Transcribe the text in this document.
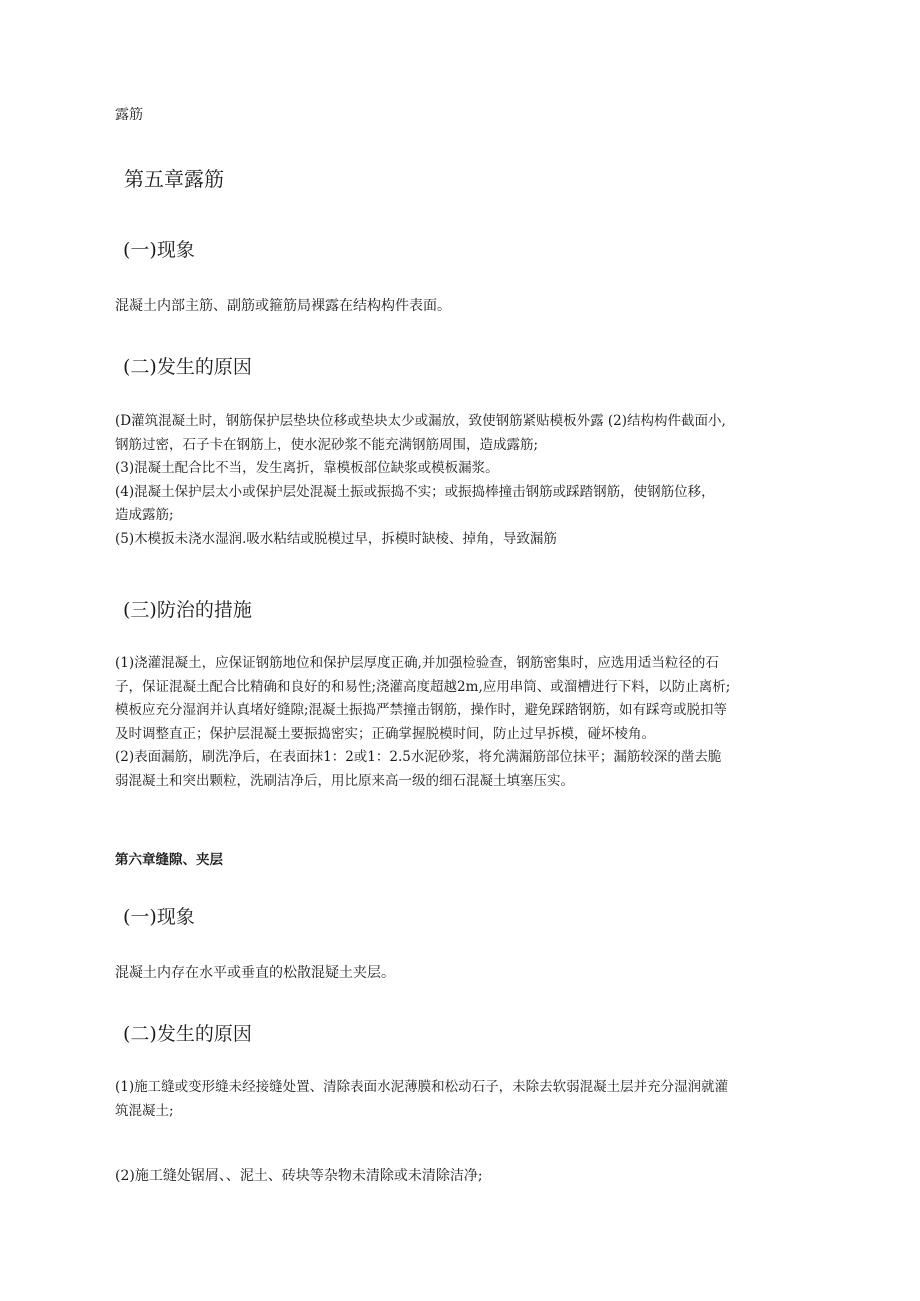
露筋

第五章露筋
(一)现象

混凝土内部主筋、副筋或箍筋局裸露在结构构件表面。

(二)发生的原因
(D灌筑混凝土时，钢筋保护层垫块位移或垫块太少或漏放，致使钢筋紧贴模板外露 (2)结构构件截面小,
钢筋过密，石子卡在钢筋上，使水泥砂浆不能充满钢筋周围，造成露筋;
(3)混凝土配合比不当，发生离折，靠模板部位缺浆或模板漏浆。
(4)混凝土保护层太小或保护层处混凝土振或振捣不实；或振捣棒撞击钢筋或踩踏钢筋，使钢筋位移，
造成露筋;
(5)木模扳未浇水湿润.吸水粘结或脱模过早，拆模时缺棱、掉角，导致漏筋
(三)防治的措施
(1)浇灌混凝土，应保证钢筋地位和保护层厚度正确,并加强检验查，钢筋密集时，应选用适当粒径的石
子，保证混凝土配合比精确和良好的和易性;浇灌高度超越2m,应用串筒、或溜槽进行下料，以防止离析;
模板应充分湿润并认真堵好缝隙;混凝土振捣严禁撞击钢筋，操作时，避免踩踏钢筋，如有踩弯或脱扣等
及时调整直正；保护层混凝土要振捣密实；正确掌握脱模时间，防止过早拆模，碰坏棱角。
(2)表面漏筋，刷洗净后，在表面抹1：2或1：2.5水泥砂浆，将允满漏筋部位抹平；漏筋较深的凿去脆
弱混凝土和突出颗粒，洗刷洁净后，用比原来高一级的细石混凝土填塞压实。
第六章缝隙、夹层
(一)现象

混凝土内存在水平或垂直的松散混疑土夹层。

(二)发生的原因
(1)施工缝或变形缝未经接缝处置、清除表面水泥薄膜和松动石子，未除去软弱混凝土层并充分湿润就灌
筑混凝土;

(2)施工缝处锯屑、、泥土、砖块等杂物未清除或未清除洁净;
